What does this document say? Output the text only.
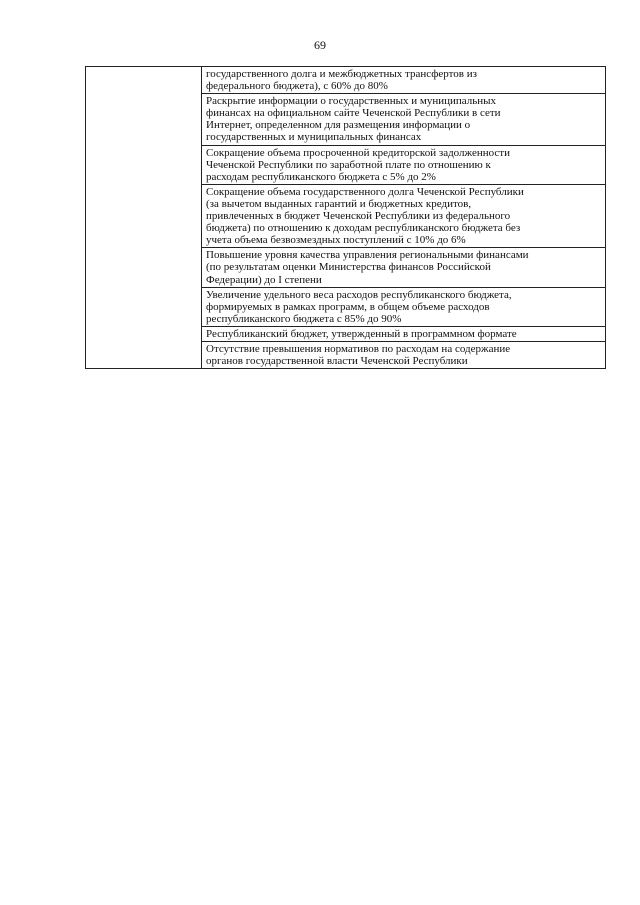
69

государственного долга и межбюджетных трансфертов из
федерального бюджета), с 60% до 80%

Раскрытие информации о государственных и муниципальных
финансах на официальном сайте Чеченской Республики в сети
Интернет, определенном для размещения информации о
государственных и муниципальных финансах

Сокращение объема просроченной кредиторской задолженности
Чеченской Республики по заработной плате по отношению к
расходам республиканского бюджета с 5% до 2%

Сокращение объема государственного долга Чеченской Республики
(за вычетом выданных гарантий и бюджетных кредитов,
привлеченных в бюджет Чеченской Республики из федерального
бюджета) по отношению к доходам республиканского бюджета без
учета объема безвозмездных поступлений с 10% до 6%

Повышение уровня качества управления региональными финансами
(по результатам оценки Министерства финансов Российской
Федерации) до I степени

Увеличение удельного веса расходов республиканского бюджета,
формируемых в рамках программ, в общем объеме расходов
республиканского бюджета с 85% до 90%

Республиканский бюджет, утвержденный в программном формате

Отсутствие превышения нормативов по расходам на содержание
органов государственной власти Чеченской Республики
